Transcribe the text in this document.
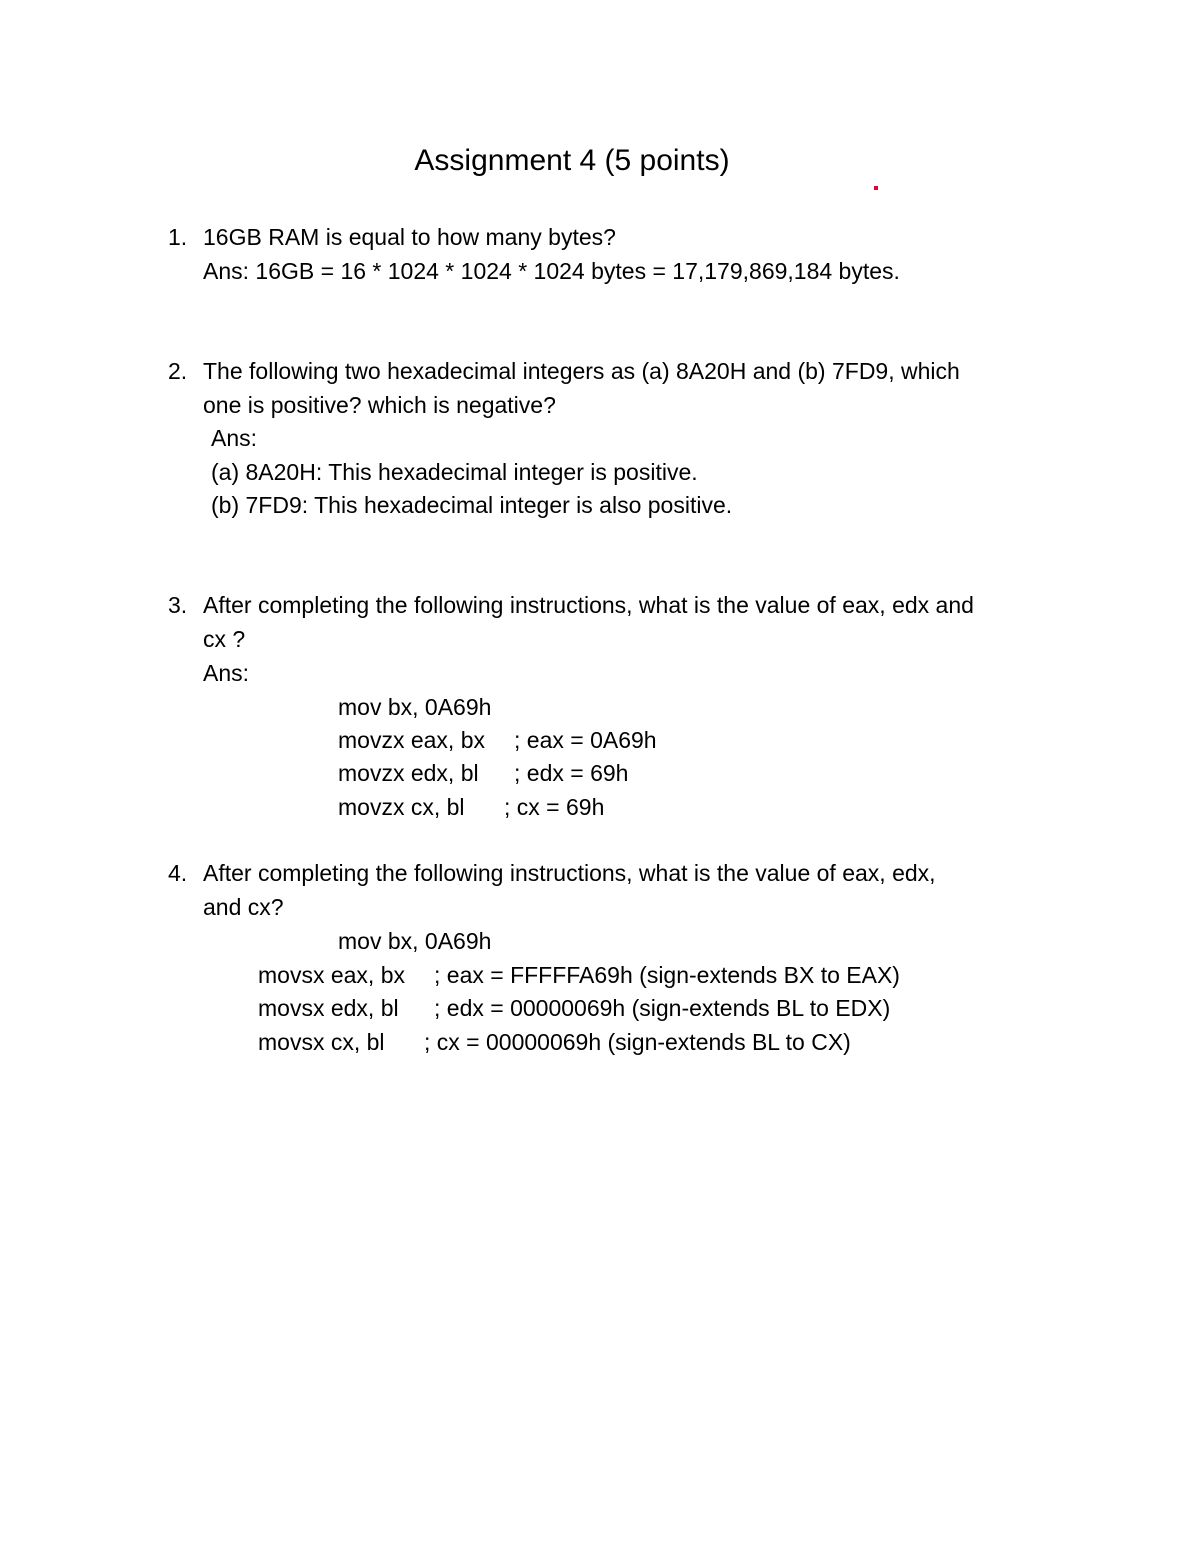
Assignment 4 (5 points)
1. 16GB RAM is equal to how many bytes?
Ans: 16GB = 16 * 1024 * 1024 * 1024 bytes = 17,179,869,184 bytes.
2. The following two hexadecimal integers as (a) 8A20H and (b) 7FD9, which
one is positive? which is negative?
Ans:
(a) 8A20H: This hexadecimal integer is positive.
(b) 7FD9: This hexadecimal integer is also positive.
3. After completing the following instructions, what is the value of eax, edx and
cx ?
Ans:
mov bx, 0A69h
movzx eax, bx ; eax = 0A69h
movzx edx, bl ; edx = 69h
movzx cx, bl ; cx = 69h
4. After completing the following instructions, what is the value of eax, edx,
and cx?
mov bx, 0A69h
movsx eax, bx ; eax = FFFFFA69h (sign-extends BX to EAX)
movsx edx, bl ; edx = 00000069h (sign-extends BL to EDX)
movsx cx, bl ; cx = 00000069h (sign-extends BL to CX)
